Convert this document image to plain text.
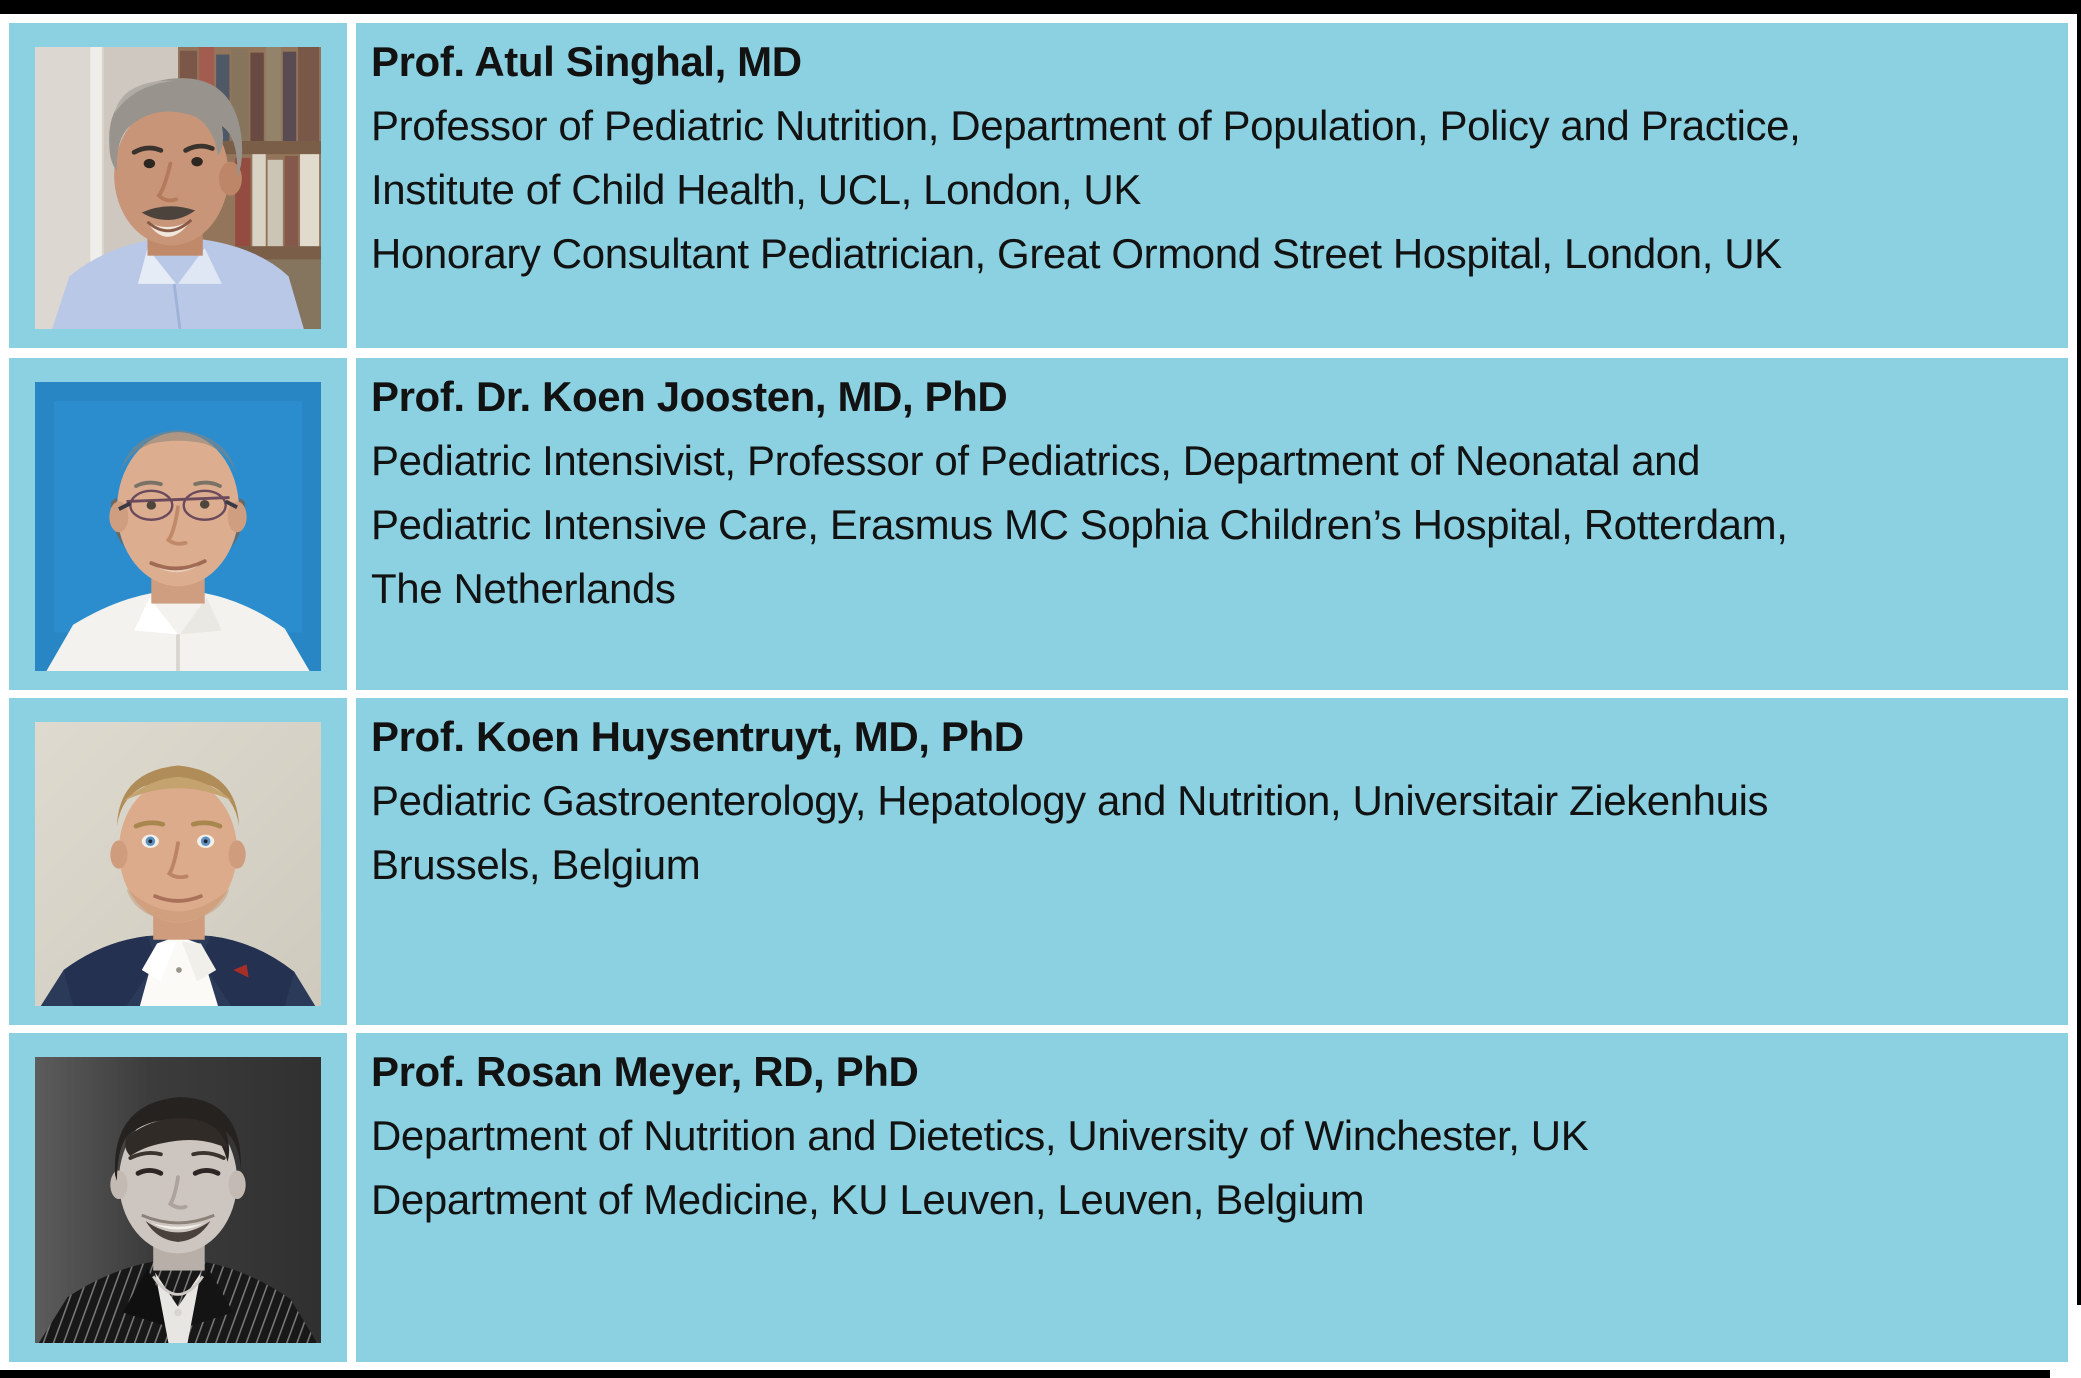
Prof. Atul Singhal, MD
Professor of Pediatric Nutrition, Department of Population, Policy and Practice,
Institute of Child Health, UCL, London, UK
Honorary Consultant Pediatrician, Great Ormond Street Hospital, London, UK
Prof. Dr. Koen Joosten, MD, PhD
Pediatric Intensivist, Professor of Pediatrics, Department of Neonatal and
Pediatric Intensive Care, Erasmus MC Sophia Children’s Hospital, Rotterdam,
The Netherlands
Prof. Koen Huysentruyt, MD, PhD
Pediatric Gastroenterology, Hepatology and Nutrition, Universitair Ziekenhuis
Brussels, Belgium
Prof. Rosan Meyer, RD, PhD
Department of Nutrition and Dietetics, University of Winchester, UK
Department of Medicine, KU Leuven, Leuven, Belgium
